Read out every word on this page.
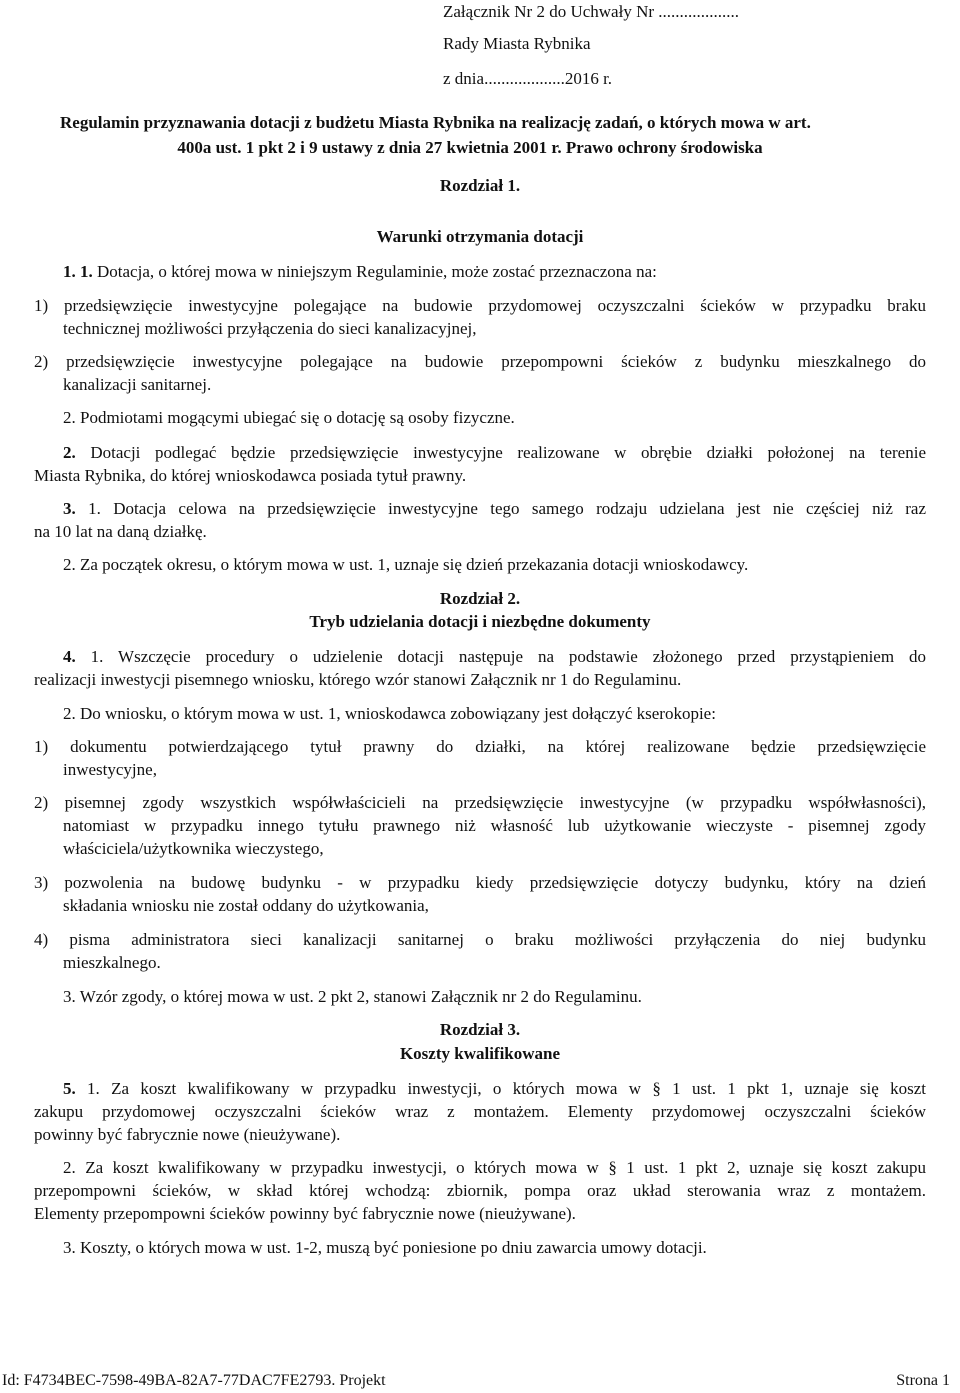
Załącznik Nr 2 do Uchwały Nr ...................
Rady Miasta Rybnika
z dnia...................2016 r.
Regulamin przyznawania dotacji z budżetu Miasta Rybnika na realizację zadań, o których mowa w art.
400a ust. 1 pkt 2 i 9 ustawy z dnia 27 kwietnia 2001 r. Prawo ochrony środowiska
Rozdział 1.
Warunki otrzymania dotacji
1. 1. Dotacja, o której mowa w niniejszym Regulaminie, może zostać przeznaczona na:
1) przedsięwzięcie inwestycyjne polegające na budowie przydomowej oczyszczalni ścieków w przypadku braku
technicznej możliwości przyłączenia do sieci kanalizacyjnej,
2) przedsięwzięcie inwestycyjne polegające na budowie przepompowni ścieków z budynku mieszkalnego do
kanalizacji sanitarnej.
2. Podmiotami mogącymi ubiegać się o dotację są osoby fizyczne.
2. Dotacji podlegać będzie przedsięwzięcie inwestycyjne realizowane w obrębie działki położonej na terenie
Miasta Rybnika, do której wnioskodawca posiada tytuł prawny.
3. 1. Dotacja celowa na przedsięwzięcie inwestycyjne tego samego rodzaju udzielana jest nie częściej niż raz
na 10 lat na daną działkę.
2. Za początek okresu, o którym mowa w ust. 1, uznaje się dzień przekazania dotacji wnioskodawcy.
Rozdział 2.
Tryb udzielania dotacji i niezbędne dokumenty
4. 1. Wszczęcie procedury o udzielenie dotacji następuje na podstawie złożonego przed przystąpieniem do
realizacji inwestycji pisemnego wniosku, którego wzór stanowi Załącznik nr 1 do Regulaminu.
2. Do wniosku, o którym mowa w ust. 1, wnioskodawca zobowiązany jest dołączyć kserokopie:
1) dokumentu potwierdzającego tytuł prawny do działki, na której realizowane będzie przedsięwzięcie
inwestycyjne,
2) pisemnej zgody wszystkich współwłaścicieli na przedsięwzięcie inwestycyjne (w przypadku współwłasności),
natomiast w przypadku innego tytułu prawnego niż własność lub użytkowanie wieczyste - pisemnej zgody
właściciela/użytkownika wieczystego,
3) pozwolenia na budowę budynku - w przypadku kiedy przedsięwzięcie dotyczy budynku, który na dzień
składania wniosku nie został oddany do użytkowania,
4) pisma administratora sieci kanalizacji sanitarnej o braku możliwości przyłączenia do niej budynku
mieszkalnego.
3. Wzór zgody, o której mowa w ust. 2 pkt 2, stanowi Załącznik nr 2 do Regulaminu.
Rozdział 3.
Koszty kwalifikowane
5. 1. Za koszt kwalifikowany w przypadku inwestycji, o których mowa w § 1 ust. 1 pkt 1, uznaje się koszt
zakupu przydomowej oczyszczalni ścieków wraz z montażem. Elementy przydomowej oczyszczalni ścieków
powinny być fabrycznie nowe (nieużywane).
2. Za koszt kwalifikowany w przypadku inwestycji, o których mowa w § 1 ust. 1 pkt 2, uznaje się koszt zakupu
przepompowni ścieków, w skład której wchodzą: zbiornik, pompa oraz układ sterowania wraz z montażem.
Elementy przepompowni ścieków powinny być fabrycznie nowe (nieużywane).
3. Koszty, o których mowa w ust. 1-2, muszą być poniesione po dniu zawarcia umowy dotacji.
Id: F4734BEC-7598-49BA-82A7-77DAC7FE2793. Projekt	Strona 1
